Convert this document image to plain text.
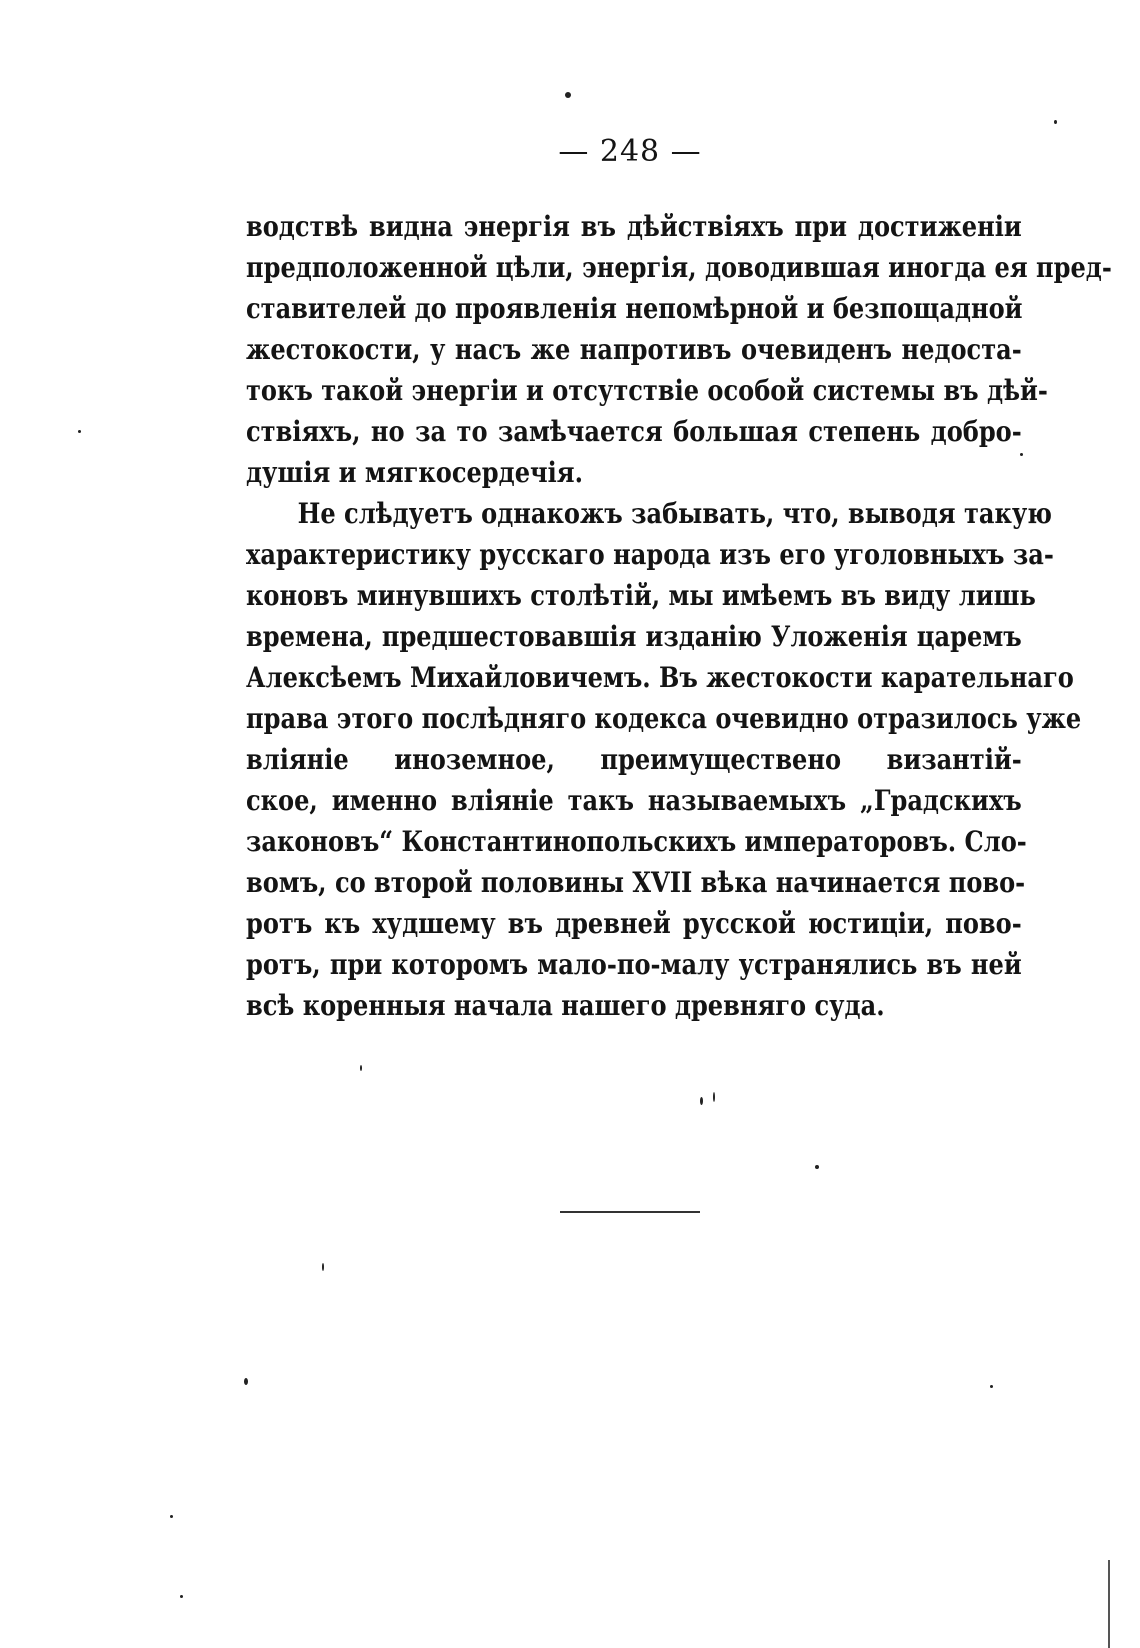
— 248 —
водствѣ видна энергія въ дѣйствіяхъ при достиженіи
предположенной цѣли, энергія, доводившая иногда ея пред-
ставителей до проявленія непомѣрной и безпощадной
жестокости, у насъ же напротивъ очевиденъ недоста-
токъ такой энергіи и отсутствіе особой системы въ дѣй-
ствіяхъ, но за то замѣчается большая степень добро-
душія и мягкосердечія.
Не слѣдуетъ однакожъ забывать, что, выводя такую
характеристику русскаго народа изъ его уголовныхъ за-
коновъ минувшихъ столѣтій, мы имѣемъ въ виду лишь
времена, предшестовавшія изданію Уложенія царемъ
Алексѣемъ Михайловичемъ. Въ жестокости карательнаго
права этого послѣдняго кодекса очевидно отразилось уже
вліяніе иноземное, преимуществено византій-
ское, именно вліяніе такъ называемыхъ „Градскихъ
законовъ“ Константинопольскихъ императоровъ. Сло-
вомъ, со второй половины XVII вѣка начинается пово-
ротъ къ худшему въ древней русской юстиціи, пово-
ротъ, при которомъ мало-по-малу устранялись въ ней
всѣ коренныя начала нашего древняго суда.
